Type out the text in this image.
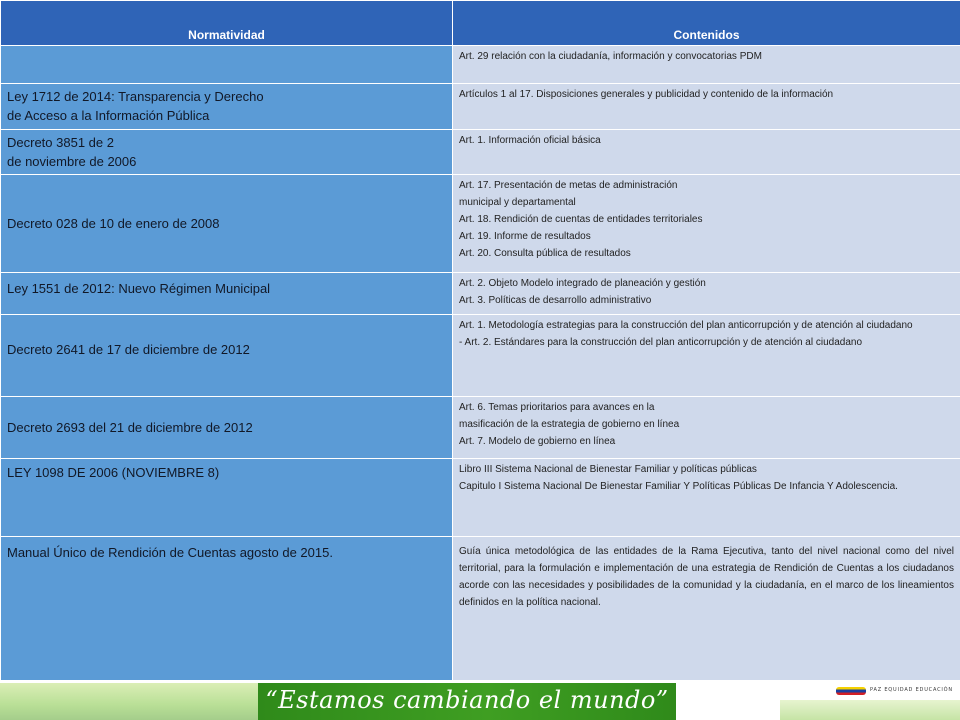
Normatividad	Contenidos

	Art. 29 relación con la ciudadanía, información y convocatorias PDM

Ley 1712 de 2014: Transparencia y Derecho
de Acceso a la Información Pública	Artículos 1 al 17. Disposiciones generales y publicidad y contenido de la información

Decreto 3851 de 2
de noviembre de 2006	Art. 1. Información oficial básica

Decreto 028 de 10 de enero de 2008	Art. 17. Presentación de metas de administración
municipal y departamental
Art. 18. Rendición de cuentas de entidades territoriales
Art. 19. Informe de resultados
Art. 20. Consulta pública de resultados

Ley 1551 de 2012: Nuevo Régimen Municipal	Art. 2. Objeto Modelo integrado de planeación y gestión
Art. 3. Políticas de desarrollo administrativo

Decreto 2641 de 17 de diciembre de 2012	Art. 1. Metodología estrategias para la construcción del plan anticorrupción y de atención al ciudadano
- Art. 2. Estándares para la construcción del plan anticorrupción y de atención al ciudadano

Decreto 2693 del 21 de diciembre de 2012	Art. 6. Temas prioritarios para avances en la
masificación de la estrategia de gobierno en línea
Art. 7. Modelo de gobierno en línea

LEY 1098 DE 2006 (NOVIEMBRE 8)	Libro III Sistema Nacional de Bienestar Familiar y políticas públicas
Capitulo I Sistema Nacional De Bienestar Familiar Y Políticas Públicas De Infancia Y Adolescencia.

Manual Único de Rendición de Cuentas agosto de 2015.	Guía única metodológica de las entidades de la Rama Ejecutiva, tanto del nivel nacional como del nivel territorial, para la formulación e implementación de una estrategia de Rendición de Cuentas a los ciudadanos acorde con las necesidades y posibilidades de la comunidad y la ciudadanía, en el marco de los lineamientos definidos en la política nacional.
“Estamos cambiando el mundo”	PAZ EQUIDAD EDUCACIÓN
